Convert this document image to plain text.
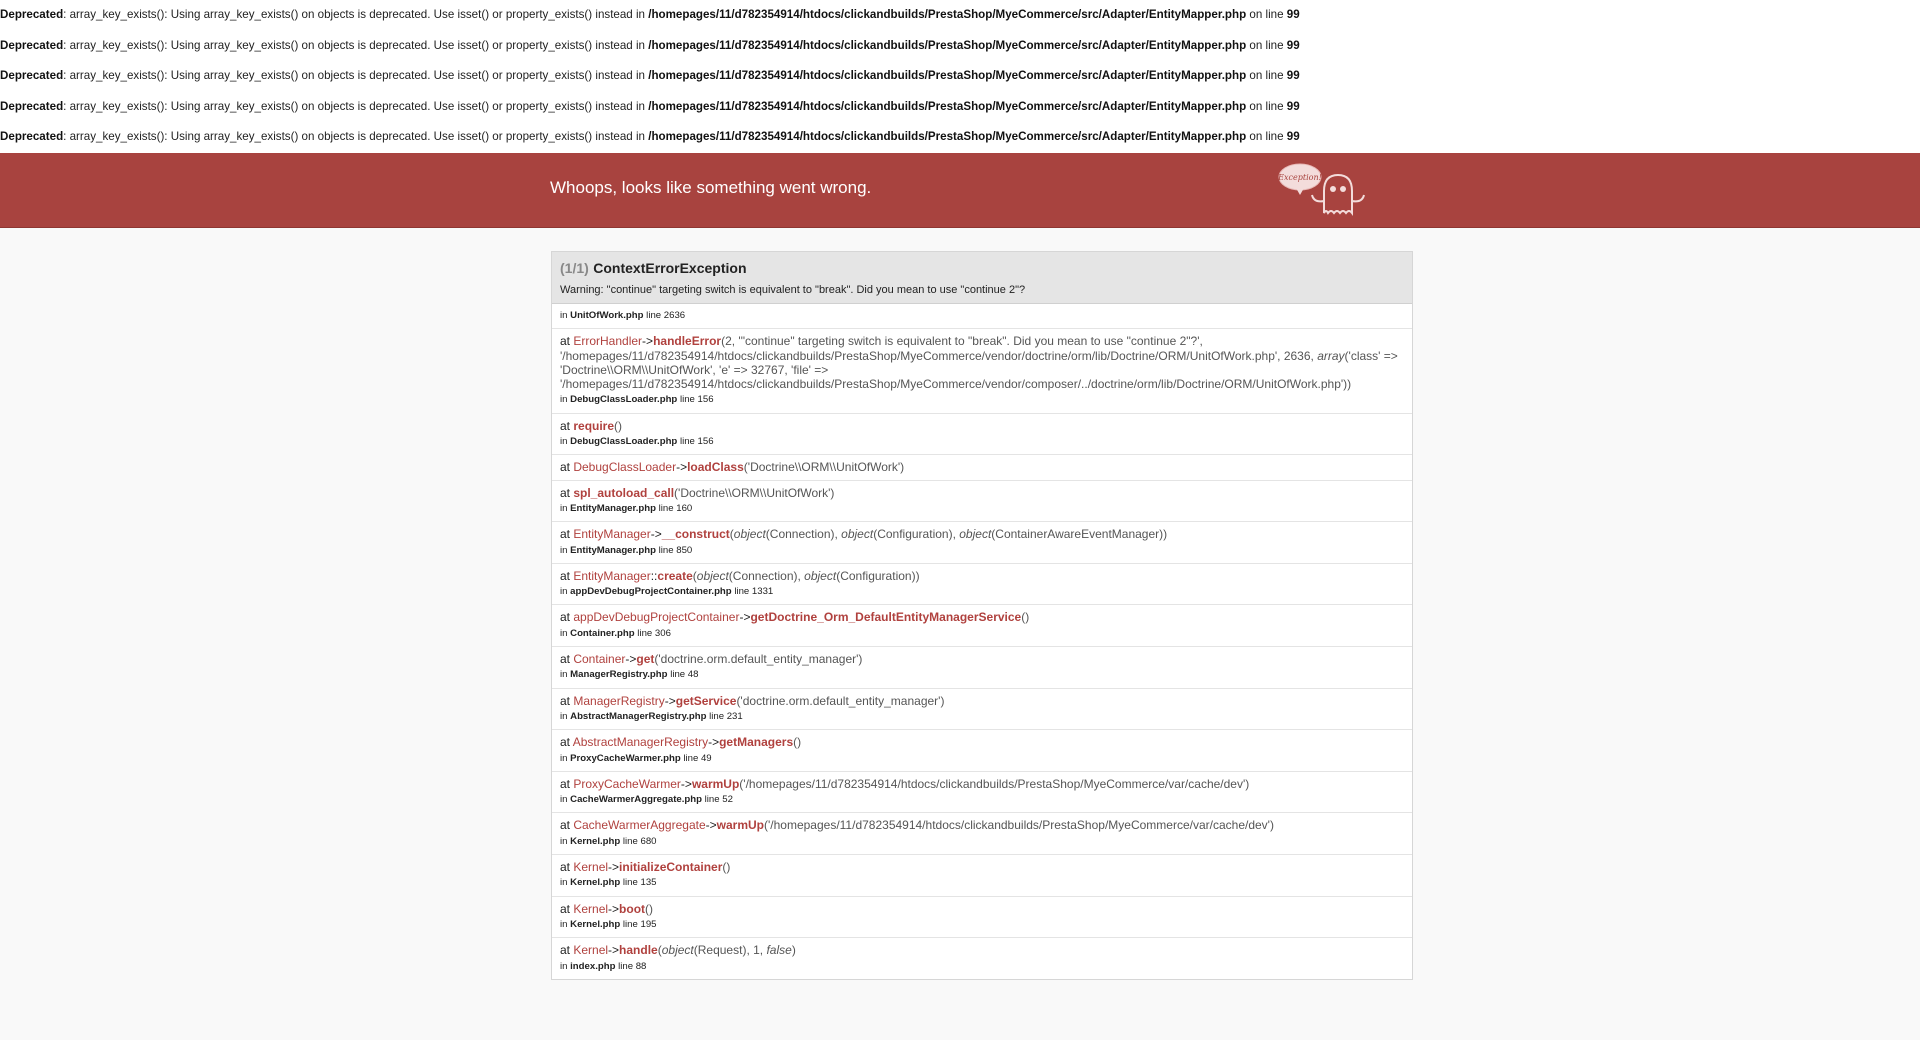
Deprecated: array_key_exists(): Using array_key_exists() on objects is deprecated. Use isset() or property_exists() instead in /homepages/11/d782354914/htdocs/clickandbuilds/PrestaShop/MyeCommerce/src/Adapter/EntityMapper.php on line 99
Deprecated: array_key_exists(): Using array_key_exists() on objects is deprecated. Use isset() or property_exists() instead in /homepages/11/d782354914/htdocs/clickandbuilds/PrestaShop/MyeCommerce/src/Adapter/EntityMapper.php on line 99
Deprecated: array_key_exists(): Using array_key_exists() on objects is deprecated. Use isset() or property_exists() instead in /homepages/11/d782354914/htdocs/clickandbuilds/PrestaShop/MyeCommerce/src/Adapter/EntityMapper.php on line 99
Deprecated: array_key_exists(): Using array_key_exists() on objects is deprecated. Use isset() or property_exists() instead in /homepages/11/d782354914/htdocs/clickandbuilds/PrestaShop/MyeCommerce/src/Adapter/EntityMapper.php on line 99
Deprecated: array_key_exists(): Using array_key_exists() on objects is deprecated. Use isset() or property_exists() instead in /homepages/11/d782354914/htdocs/clickandbuilds/PrestaShop/MyeCommerce/src/Adapter/EntityMapper.php on line 99
Whoops, looks like something went wrong.
Exception!
(1/1) ContextErrorException
Warning: "continue" targeting switch is equivalent to "break". Did you mean to use "continue 2"?
in UnitOfWork.php line 2636
at ErrorHandler->handleError(2, '"continue" targeting switch is equivalent to "break". Did you mean to use "continue 2"?', '/homepages/11/d782354914/htdocs/clickandbuilds/PrestaShop/MyeCommerce/vendor/doctrine/orm/lib/Doctrine/ORM/UnitOfWork.php', 2636, array('class' => 'Doctrine\\ORM\\UnitOfWork', 'e' => 32767, 'file' => '/homepages/11/d782354914/htdocs/clickandbuilds/PrestaShop/MyeCommerce/vendor/composer/../doctrine/orm/lib/Doctrine/ORM/UnitOfWork.php'))
in DebugClassLoader.php line 156
at require()
in DebugClassLoader.php line 156
at DebugClassLoader->loadClass('Doctrine\\ORM\\UnitOfWork')
at spl_autoload_call('Doctrine\\ORM\\UnitOfWork')
in EntityManager.php line 160
at EntityManager->__construct(object(Connection), object(Configuration), object(ContainerAwareEventManager))
in EntityManager.php line 850
at EntityManager::create(object(Connection), object(Configuration))
in appDevDebugProjectContainer.php line 1331
at appDevDebugProjectContainer->getDoctrine_Orm_DefaultEntityManagerService()
in Container.php line 306
at Container->get('doctrine.orm.default_entity_manager')
in ManagerRegistry.php line 48
at ManagerRegistry->getService('doctrine.orm.default_entity_manager')
in AbstractManagerRegistry.php line 231
at AbstractManagerRegistry->getManagers()
in ProxyCacheWarmer.php line 49
at ProxyCacheWarmer->warmUp('/homepages/11/d782354914/htdocs/clickandbuilds/PrestaShop/MyeCommerce/var/cache/dev')
in CacheWarmerAggregate.php line 52
at CacheWarmerAggregate->warmUp('/homepages/11/d782354914/htdocs/clickandbuilds/PrestaShop/MyeCommerce/var/cache/dev')
in Kernel.php line 680
at Kernel->initializeContainer()
in Kernel.php line 135
at Kernel->boot()
in Kernel.php line 195
at Kernel->handle(object(Request), 1, false)
in index.php line 88
